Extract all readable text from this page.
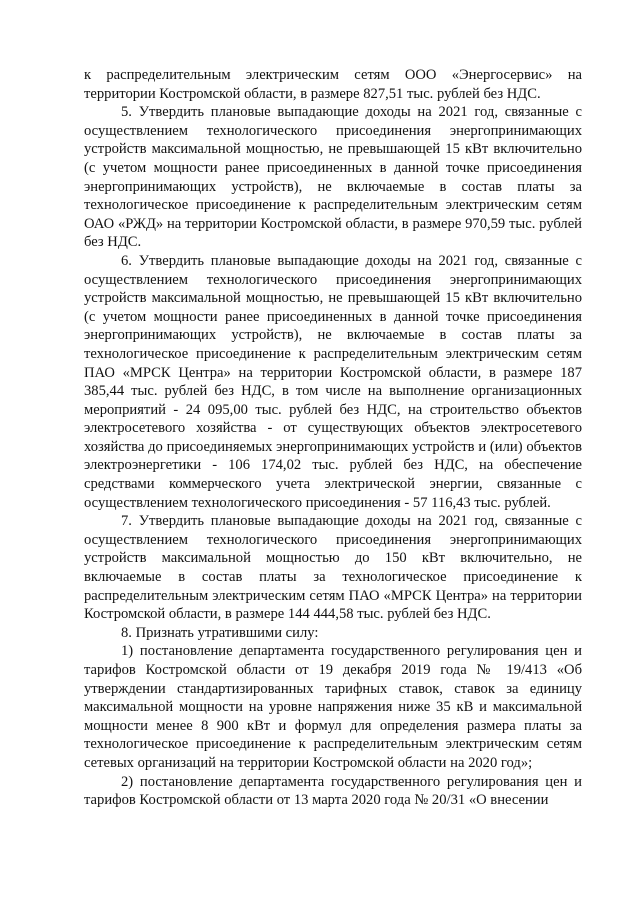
к распределительным электрическим сетям ООО «Энергосервис» на территории Костромской области, в размере 827,51 тыс. рублей без НДС.

5. Утвердить плановые выпадающие доходы на 2021 год, связанные с осуществлением технологического присоединения энергопринимающих устройств максимальной мощностью, не превышающей 15 кВт включительно (с учетом мощности ранее присоединенных в данной точке присоединения энергопринимающих устройств), не включаемые в состав платы за технологическое присоединение к распределительным электрическим сетям ОАО «РЖД» на территории Костромской области, в размере 970,59 тыс. рублей без НДС.

6. Утвердить плановые выпадающие доходы на 2021 год, связанные с осуществлением технологического присоединения энергопринимающих устройств максимальной мощностью, не превышающей 15 кВт включительно (с учетом мощности ранее присоединенных в данной точке присоединения энергопринимающих устройств), не включаемые в состав платы за технологическое присоединение к распределительным электрическим сетям ПАО «МРСК Центра» на территории Костромской области, в размере 187 385,44 тыс. рублей без НДС, в том числе на выполнение организационных мероприятий - 24 095,00 тыс. рублей без НДС, на строительство объектов электросетевого хозяйства - от существующих объектов электросетевого хозяйства до присоединяемых энергопринимающих устройств и (или) объектов электроэнергетики - 106 174,02 тыс. рублей без НДС, на обеспечение средствами коммерческого учета электрической энергии, связанные с осуществлением технологического присоединения - 57 116,43 тыс. рублей.

7. Утвердить плановые выпадающие доходы на 2021 год, связанные с осуществлением технологического присоединения энергопринимающих устройств максимальной мощностью до 150 кВт включительно, не включаемые в состав платы за технологическое присоединение к распределительным электрическим сетям ПАО «МРСК Центра» на территории Костромской области, в размере 144 444,58 тыс. рублей без НДС.

8. Признать утратившими силу:

1) постановление департамента государственного регулирования цен и тарифов Костромской области от 19 декабря 2019 года № 19/413 «Об утверждении стандартизированных тарифных ставок, ставок за единицу максимальной мощности на уровне напряжения ниже 35 кВ и максимальной мощности менее 8 900 кВт и формул для определения размера платы за технологическое присоединение к распределительным электрическим сетям сетевых организаций на территории Костромской области на 2020 год»;

2) постановление департамента государственного регулирования цен и тарифов Костромской области от 13 марта 2020 года № 20/31 «О внесении
